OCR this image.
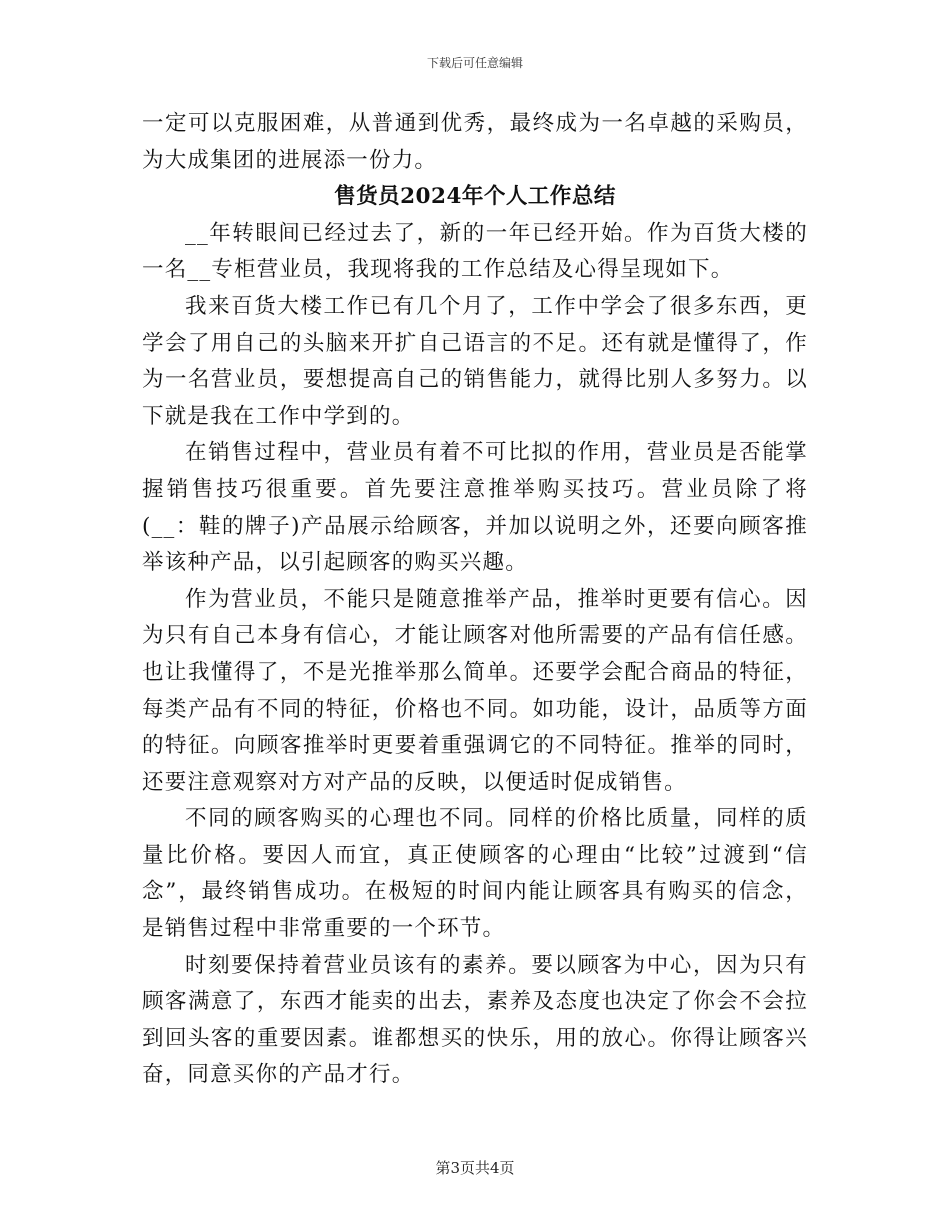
下载后可任意编辑

一定可以克服困难，从普通到优秀，最终成为一名卓越的采购员，为大成集团的进展添一份力。

售货员2024年个人工作总结

__年转眼间已经过去了，新的一年已经开始。作为百货大楼的一名__专柜营业员，我现将我的工作总结及心得呈现如下。

我来百货大楼工作已有几个月了，工作中学会了很多东西，更学会了用自己的头脑来开扩自己语言的不足。还有就是懂得了，作为一名营业员，要想提高自己的销售能力，就得比别人多努力。以下就是我在工作中学到的。

在销售过程中，营业员有着不可比拟的作用，营业员是否能掌握销售技巧很重要。首先要注意推举购买技巧。营业员除了将(__：鞋的牌子)产品展示给顾客，并加以说明之外，还要向顾客推举该种产品，以引起顾客的购买兴趣。

作为营业员，不能只是随意推举产品，推举时更要有信心。因为只有自己本身有信心，才能让顾客对他所需要的产品有信任感。也让我懂得了，不是光推举那么简单。还要学会配合商品的特征，每类产品有不同的特征，价格也不同。如功能，设计，品质等方面的特征。向顾客推举时更要着重强调它的不同特征。推举的同时，还要注意观察对方对产品的反映，以便适时促成销售。

不同的顾客购买的心理也不同。同样的价格比质量，同样的质量比价格。要因人而宜，真正使顾客的心理由“比较”过渡到“信念”，最终销售成功。在极短的时间内能让顾客具有购买的信念，是销售过程中非常重要的一个环节。

时刻要保持着营业员该有的素养。要以顾客为中心，因为只有顾客满意了，东西才能卖的出去，素养及态度也决定了你会不会拉到回头客的重要因素。谁都想买的快乐，用的放心。你得让顾客兴奋，同意买你的产品才行。

第3页共4页
